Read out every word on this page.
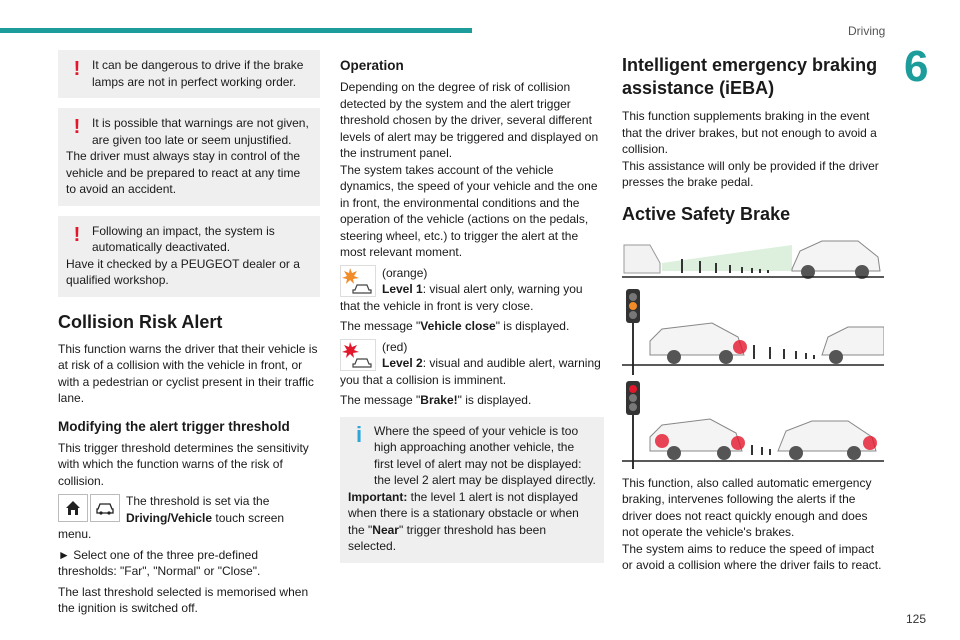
Driving
6
! It can be dangerous to drive if the brake lamps are not in perfect working order.
! It is possible that warnings are not given, are given too late or seem unjustified.
The driver must always stay in control of the vehicle and be prepared to react at any time to avoid an accident.
! Following an impact, the system is automatically deactivated.
Have it checked by a PEUGEOT dealer or a qualified workshop.
Collision Risk Alert

This function warns the driver that their vehicle is at risk of a collision with the vehicle in front, or with a pedestrian or cyclist present in their traffic lane.

Modifying the alert trigger threshold

This trigger threshold determines the sensitivity with which the function warns of the risk of collision.

The threshold is set via the Driving/Vehicle touch screen menu.

► Select one of the three pre-defined thresholds: "Far", "Normal" or "Close".

The last threshold selected is memorised when the ignition is switched off.

Operation

Depending on the degree of risk of collision detected by the system and the alert trigger threshold chosen by the driver, several different levels of alert may be triggered and displayed on the instrument panel.

The system takes account of the vehicle dynamics, the speed of your vehicle and the one in front, the environmental conditions and the operation of the vehicle (actions on the pedals, steering wheel, etc.) to trigger the alert at the most relevant moment.

(orange)
Level 1: visual alert only, warning you that the vehicle in front is very close.

The message "Vehicle close" is displayed.

(red)
Level 2: visual and audible alert, warning you that a collision is imminent.

The message "Brake!" is displayed.

i Where the speed of your vehicle is too high approaching another vehicle, the first level of alert may not be displayed: the level 2 alert may be displayed directly.
Important: the level 1 alert is not displayed when there is a stationary obstacle or when the "Near" trigger threshold has been selected.
Intelligent emergency braking assistance (iEBA)

This function supplements braking in the event that the driver brakes, but not enough to avoid a collision.

This assistance will only be provided if the driver presses the brake pedal.

Active Safety Brake

This function, also called automatic emergency braking, intervenes following the alerts if the driver does not react quickly enough and does not operate the vehicle's brakes.

The system aims to reduce the speed of impact or avoid a collision where the driver fails to react.

125
